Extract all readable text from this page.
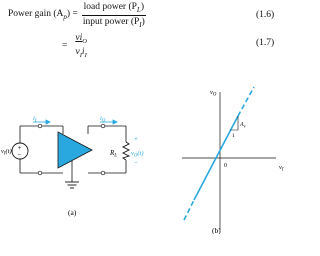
Power gain $(A_p) = \frac{load power (P_L)}{input power (P_I)}$	(1.6)
= $\frac{vi_O}{v_Ii_I}$	(1.7)
+
−
+
−
$v_I(t)$
$i_I$	$i_O$
$R_L$ $v_O(t)$
(a)
$v_O$
$v_I$
0
$A_v$
1
(b)
